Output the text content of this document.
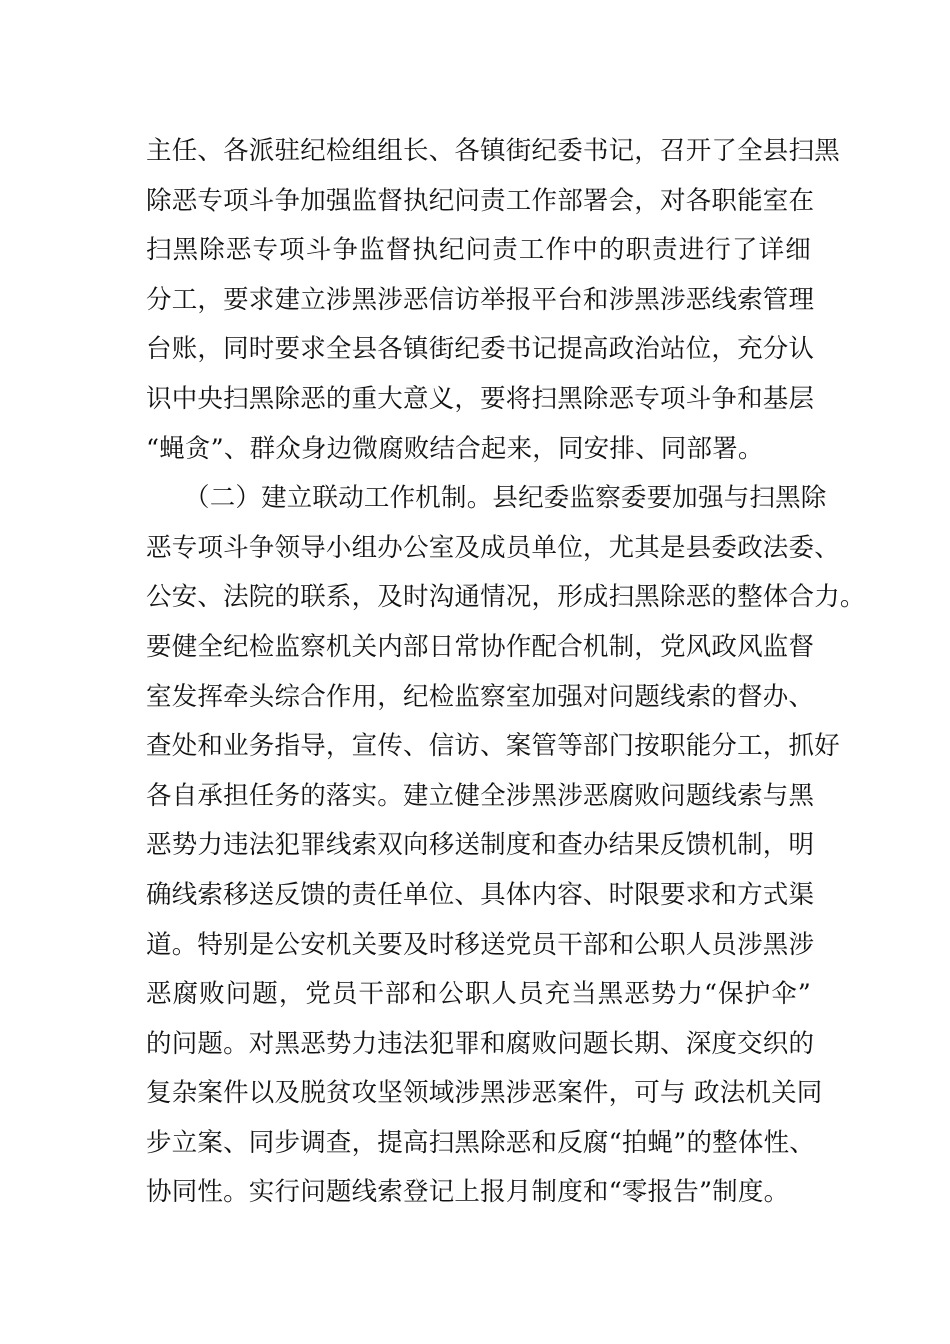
主任、各派驻纪检组组长、各镇街纪委书记，召开了全县扫黑
除恶专项斗争加强监督执纪问责工作部署会，对各职能室在
扫黑除恶专项斗争监督执纪问责工作中的职责进行了详细
分工，要求建立涉黑涉恶信访举报平台和涉黑涉恶线索管理
台账，同时要求全县各镇街纪委书记提高政治站位，充分认
识中央扫黑除恶的重大意义，要将扫黑除恶专项斗争和基层
“蝇贪”、群众身边微腐败结合起来，同安排、同部署。
（二）建立联动工作机制。县纪委监察委要加强与扫黑除
恶专项斗争领导小组办公室及成员单位，尤其是县委政法委、
公安、法院的联系，及时沟通情况，形成扫黑除恶的整体合力。
要健全纪检监察机关内部日常协作配合机制，党风政风监督
室发挥牵头综合作用，纪检监察室加强对问题线索的督办、
查处和业务指导，宣传、信访、案管等部门按职能分工，抓好
各自承担任务的落实。建立健全涉黑涉恶腐败问题线索与黑
恶势力违法犯罪线索双向移送制度和查办结果反馈机制，明
确线索移送反馈的责任单位、具体内容、时限要求和方式渠
道。特别是公安机关要及时移送党员干部和公职人员涉黑涉
恶腐败问题，党员干部和公职人员充当黑恶势力“保护伞”
的问题。对黑恶势力违法犯罪和腐败问题长期、深度交织的
复杂案件以及脱贫攻坚领域涉黑涉恶案件，可与 政法机关同
步立案、同步调查，提高扫黑除恶和反腐“拍蝇”的整体性、
协同性。实行问题线索登记上报月制度和“零报告”制度。
